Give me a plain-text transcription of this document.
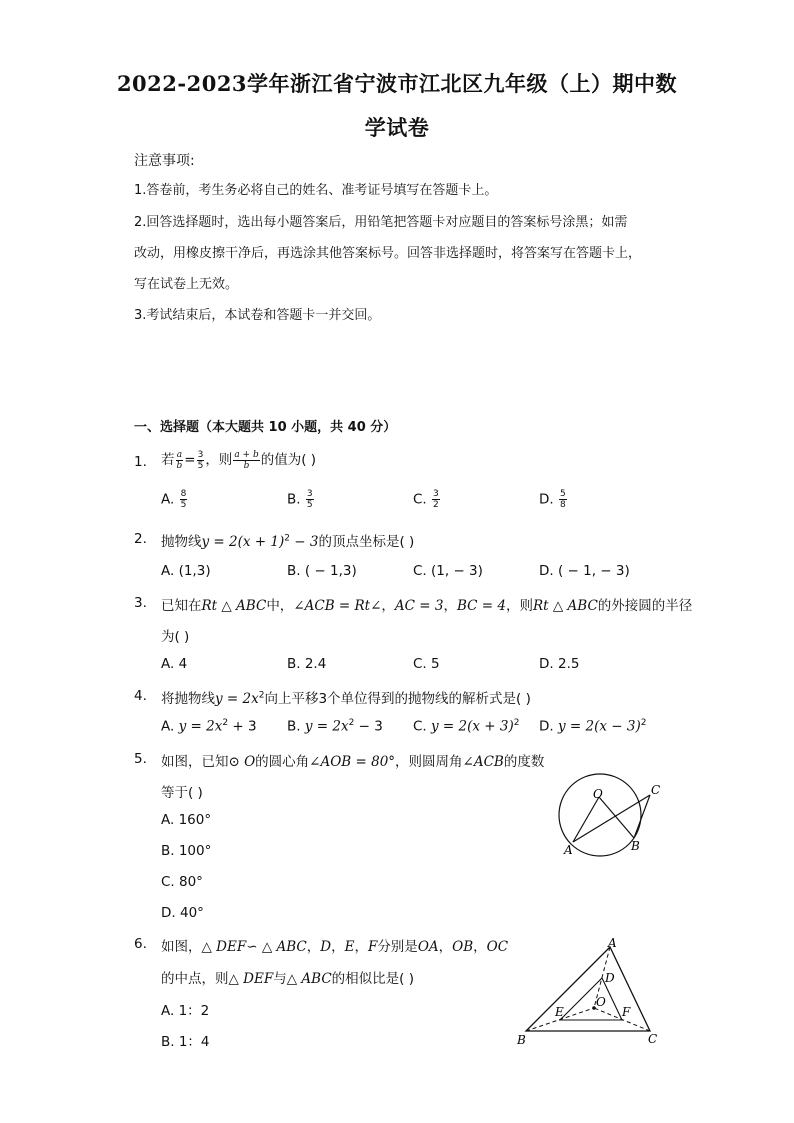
2022-2023学年浙江省宁波市江北区九年级（上）期中数
学试卷
注意事项:
1.答卷前，考生务必将自己的姓名、准考证号填写在答题卡上。
2.回答选择题时，选出每小题答案后，用铅笔把答题卡对应题目的答案标号涂黑；如需
改动，用橡皮擦干净后，再选涂其他答案标号。回答非选择题时，将答案写在答题卡上，
写在试卷上无效。
3.考试结束后，本试卷和答题卡一并交回。
一、选择题（本大题共 10 小题，共 40 分）
1. 若 $\frac{a}{b} = \frac{3}{5}$ ，则 $\frac{a + b}{b}$ 的值为( )
A. $\frac{8}{5}$	B. $\frac{3}{5}$	C. $\frac{3}{2}$	D. $\frac{5}{8}$
2. 抛物线$y = 2(x + 1)^2 - 3$的顶点坐标是( )
A. (1,3)	B. ( − 1,3)	C. (1, − 3)	D. ( − 1, − 3)
3. 已知在Rt △ ABC中，∠ACB = Rt∠，AC = 3，BC = 4，则Rt △ ABC的外接圆的半径
为( )
A. 4	B. 2.4	C. 5	D. 2.5
4. 将抛物线$y = 2x^2$向上平移3个单位得到的抛物线的解析式是( )
A. $y = 2x^2 + 3$ B. $y = 2x^2 - 3$ C. $y = 2(x + 3)^2$ D. $y = 2(x - 3)^2$
5. 如图，已知⊙ O的圆心角∠AOB = 80°，则圆周角∠ACB的度数
等于( )
A. 160°
B. 100°
C. 80°
D. 40°
O
A	B
C
6. 如图，△ DEF∽ △ ABC，D，E，F分别是OA，OB，OC
的中点，则△ DEF与△ ABC的相似比是( )
A. 1：2
B. 1：4
A
B	C
D
E	F
O
